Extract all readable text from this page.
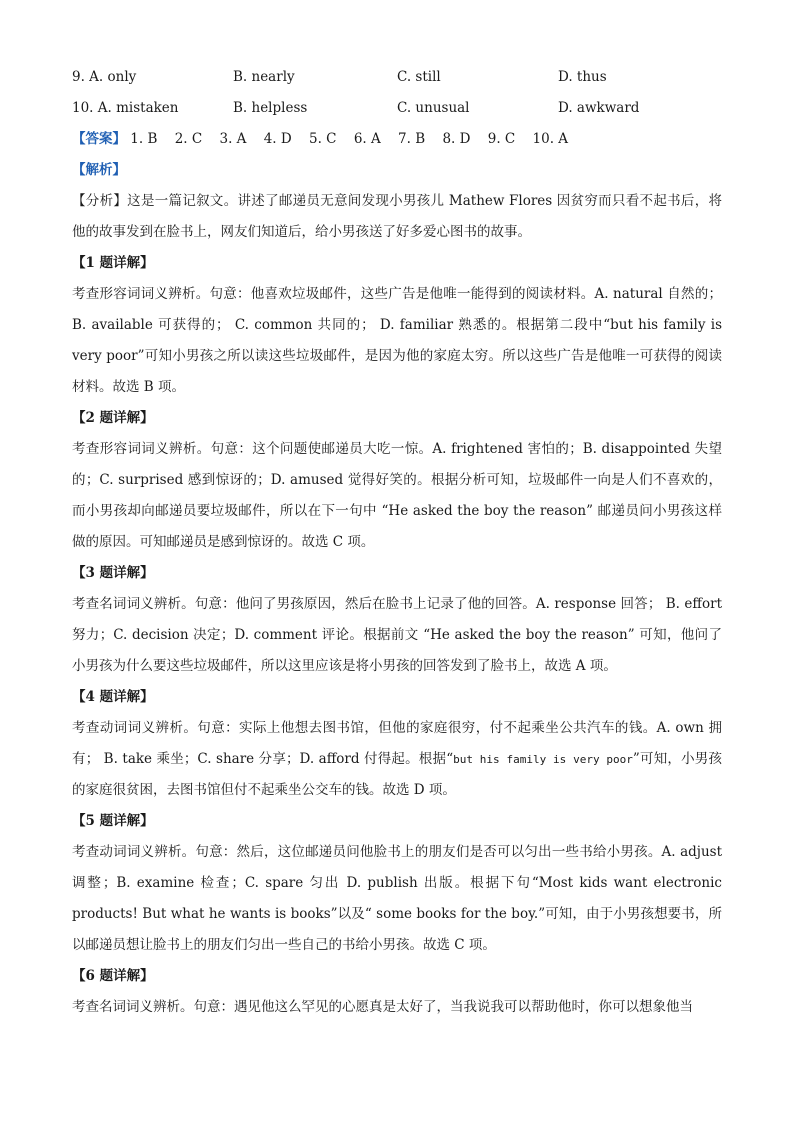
9. A. only	B. nearly	C. still	D. thus
10. A. mistaken	B. helpless	C. unusual	D. awkward
【答案】 1. B 2. C 3. A 4. D 5. C 6. A 7. B 8. D 9. C 10. A
【解析】

【分析】这是一篇记叙文。讲述了邮递员无意间发现小男孩儿 Mathew Flores 因贫穷而只看不起书后，将他的故事发到在脸书上，网友们知道后，给小男孩送了好多爱心图书的故事。

【1 题详解】

考查形容词词义辨析。句意：他喜欢垃圾邮件，这些广告是他唯一能得到的阅读材料。A. natural 自然的；B. available 可获得的； C. common 共同的； D. familiar 熟悉的。根据第二段中“but his family is very poor”可知小男孩之所以读这些垃圾邮件，是因为他的家庭太穷。所以这些广告是他唯一可获得的阅读材料。故选 B 项。

【2 题详解】

考查形容词词义辨析。句意：这个问题使邮递员大吃一惊。A. frightened 害怕的；B. disappointed 失望的；C. surprised 感到惊讶的；D. amused 觉得好笑的。根据分析可知，垃圾邮件一向是人们不喜欢的，而小男孩却向邮递员要垃圾邮件，所以在下一句中 “He asked the boy the reason” 邮递员问小男孩这样做的原因。可知邮递员是感到惊讶的。故选 C 项。

【3 题详解】

考查名词词义辨析。句意：他问了男孩原因，然后在脸书上记录了他的回答。A. response 回答； B. effort 努力；C. decision 决定；D. comment 评论。根据前文 “He asked the boy the reason” 可知，他问了小男孩为什么要这些垃圾邮件，所以这里应该是将小男孩的回答发到了脸书上，故选 A 项。

【4 题详解】

考查动词词义辨析。句意：实际上他想去图书馆，但他的家庭很穷，付不起乘坐公共汽车的钱。A. own 拥有； B. take 乘坐；C. share 分享；D. afford 付得起。根据“but his family is very poor”可知，小男孩的家庭很贫困，去图书馆但付不起乘坐公交车的钱。故选 D 项。

【5 题详解】

考查动词词义辨析。句意：然后，这位邮递员问他脸书上的朋友们是否可以匀出一些书给小男孩。A. adjust 调整；B. examine 检查；C. spare 匀出 D. publish 出版。根据下句“Most kids want electronic products! But what he wants is books”以及“ some books for the boy.”可知，由于小男孩想要书，所以邮递员想让脸书上的朋友们匀出一些自己的书给小男孩。故选 C 项。

【6 题详解】

考查名词词义辨析。句意：遇见他这么罕见的心愿真是太好了，当我说我可以帮助他时，你可以想象他当
